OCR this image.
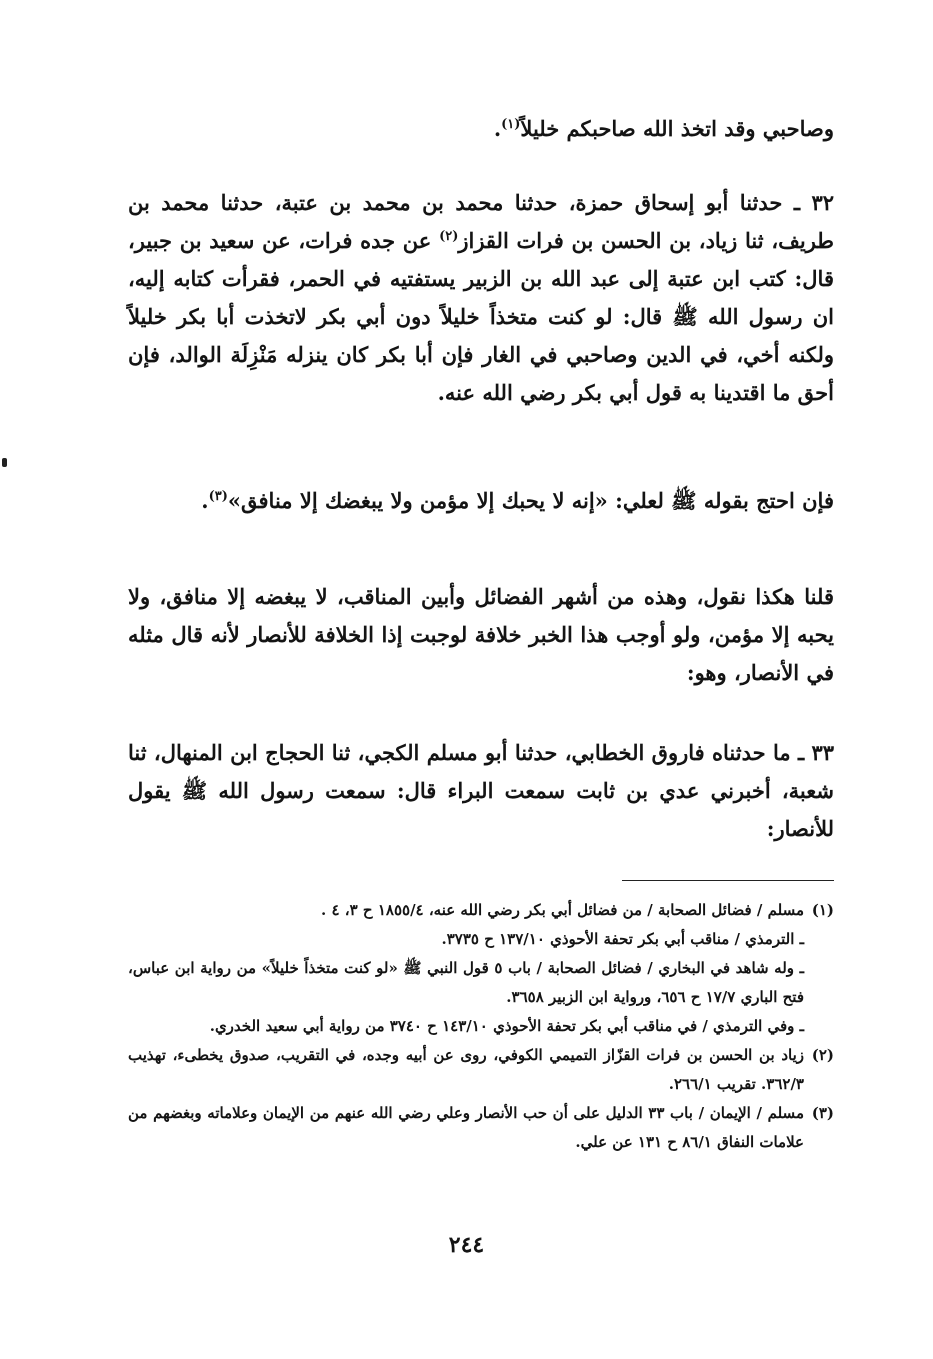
وصاحبي وقد اتخذ الله صاحبكم خليلاً$^{(١)}$.
٣٢ ـ حدثنا أبو إسحاق حمزة، حدثنا محمد بن محمد بن عتبة، حدثنا محمد بن طريف، ثنا زياد، بن الحسن بن فرات القزاز$^{(٢)}$ عن جده فرات، عن سعيد بن جبير، قال: كتب ابن عتبة إلى عبد الله بن الزبير يستفتيه في الحمر، فقرأت كتابه إليه، ان رسول الله ﷺ قال: لو كنت متخذاً خليلاً دون أبي بكر لاتخذت أبا بكر خليلاً ولكنه أخي، في الدين وصاحبي في الغار فإن أبا بكر كان ينزله مَنْزِلَة الوالد، فإن أحق ما اقتدينا به قول أبي بكر رضي الله عنه.
فإن احتج بقوله ﷺ لعلي: «إنه لا يحبك إلا مؤمن ولا يبغضك إلا منافق»$^{(٣)}$.
قلنا هكذا نقول، وهذه من أشهر الفضائل وأبين المناقب، لا يبغضه إلا منافق، ولا يحبه إلا مؤمن، ولو أوجب هذا الخبر خلافة لوجبت إذا الخلافة للأنصار لأنه قال مثله في الأنصار، وهو:
٣٣ ـ ما حدثناه فاروق الخطابي، حدثنا أبو مسلم الكجي، ثنا الحجاج ابن المنهال، ثنا شعبة، أخبرني عدي بن ثابت سمعت البراء قال: سمعت رسول الله ﷺ يقول للأنصار:
(١)
مسلم / فضائل الصحابة / من فضائل أبي بكر رضي الله عنه، ١٨٥٥/٤ ح ٣، ٤ .
ـ الترمذي / مناقب أبي بكر تحفة الأحوذي ١٣٧/١٠ ح ٣٧٣٥.
ـ وله شاهد في البخاري / فضائل الصحابة / باب ٥ قول النبي ﷺ «لو كنت متخذاً خليلاً» من رواية ابن عباس، فتح الباري ١٧/٧ ح ٦٥٦، ورواية ابن الزبير ٣٦٥٨.
ـ وفي الترمذي / في مناقب أبي بكر تحفة الأحوذي ١٤٣/١٠ ح ٣٧٤٠ من رواية أبي سعيد الخدري.
(٢)
زياد بن الحسن بن فرات القزّاز التميمي الكوفي، روى عن أبيه وجده، في التقريب، صدوق يخطىء، تهذيب ٣٦٢/٣. تقريب ٢٦٦/١.
(٣)
مسلم / الإيمان / باب ٣٣ الدليل على أن حب الأنصار وعلي رضي الله عنهم من الإيمان وعلاماته وبغضهم من علامات النفاق ٨٦/١ ح ١٣١ عن علي.
٢٤٤
